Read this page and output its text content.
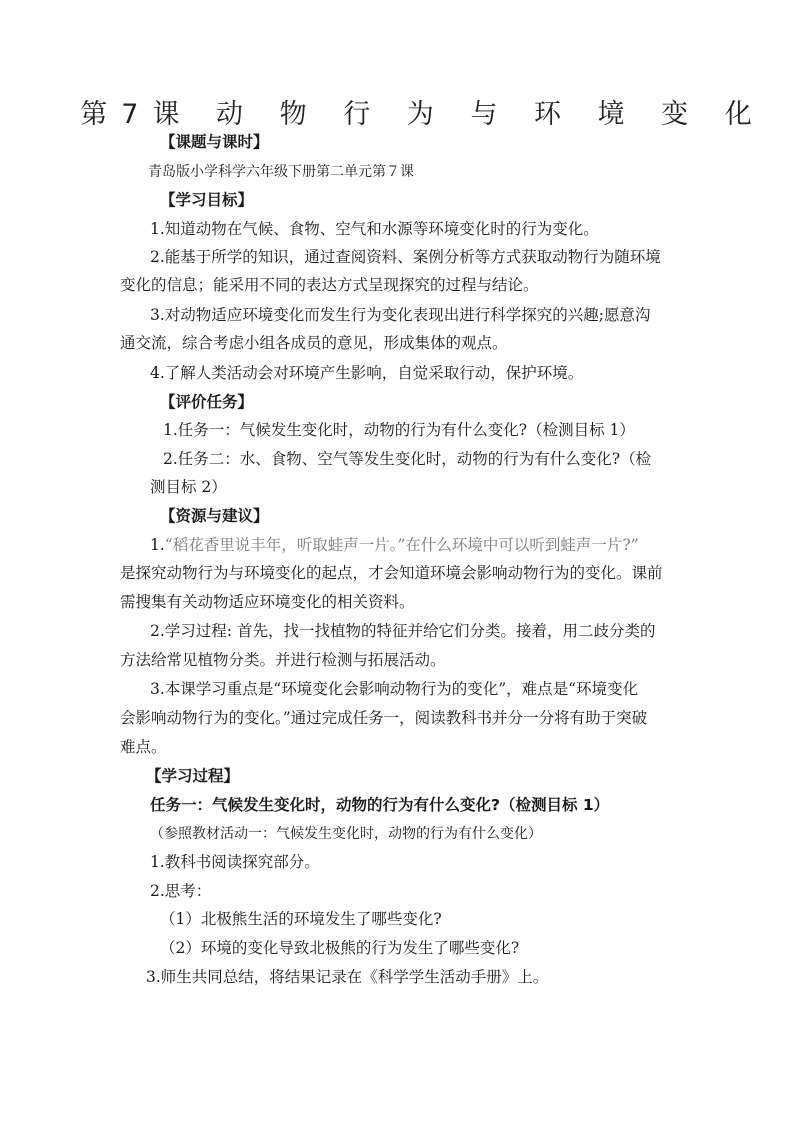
第7课 动 物 行 为 与 环 境 变 化
【课题与课时】
青岛版小学科学六年级下册第二单元第７课
【学习目标】
1.知道动物在气候、食物、空气和水源等环境变化时的行为变化。
2.能基于所学的知识，通过查阅资料、案例分析等方式获取动物行为随环境
变化的信息；能采用不同的表达方式呈现探究的过程与结论。
3.对动物适应环境变化而发生行为变化表现出进行科学探究的兴趣;愿意沟
通交流，综合考虑小组各成员的意见，形成集体的观点。
4.了解人类活动会对环境产生影响，自觉采取行动，保护环境。
【评价任务】
1.任务一：气候发生变化时，动物的行为有什么变化?（检测目标 1）
2.任务二：水、食物、空气等发生变化时，动物的行为有什么变化?（检
测目标 2）
【资源与建议】
1.“稻花香里说丰年，听取蛙声一片。”在什么环境中可以听到蛙声一片?”
是探究动物行为与环境变化的起点，才会知道环境会影响动物行为的变化。课前
需搜集有关动物适应环境变化的相关资料。
2.学习过程: 首先，找一找植物的特征并给它们分类。接着，用二歧分类的
方法给常见植物分类。并进行检测与拓展活动。
3.本课学习重点是“环境变化会影响动物行为的变化”，难点是“环境变化
会影响动物行为的变化。”通过完成任务一，阅读教科书并分一分将有助于突破
难点。
【学习过程】
任务一：气候发生变化时，动物的行为有什么变化?（检测目标 1）
（参照教材活动一：气候发生变化时，动物的行为有什么变化）
1.教科书阅读探究部分。
2.思考：
（1）北极熊生活的环境发生了哪些变化?
（2）环境的变化导致北极熊的行为发生了哪些变化?
3.师生共同总结，将结果记录在《科学学生活动手册》上。
